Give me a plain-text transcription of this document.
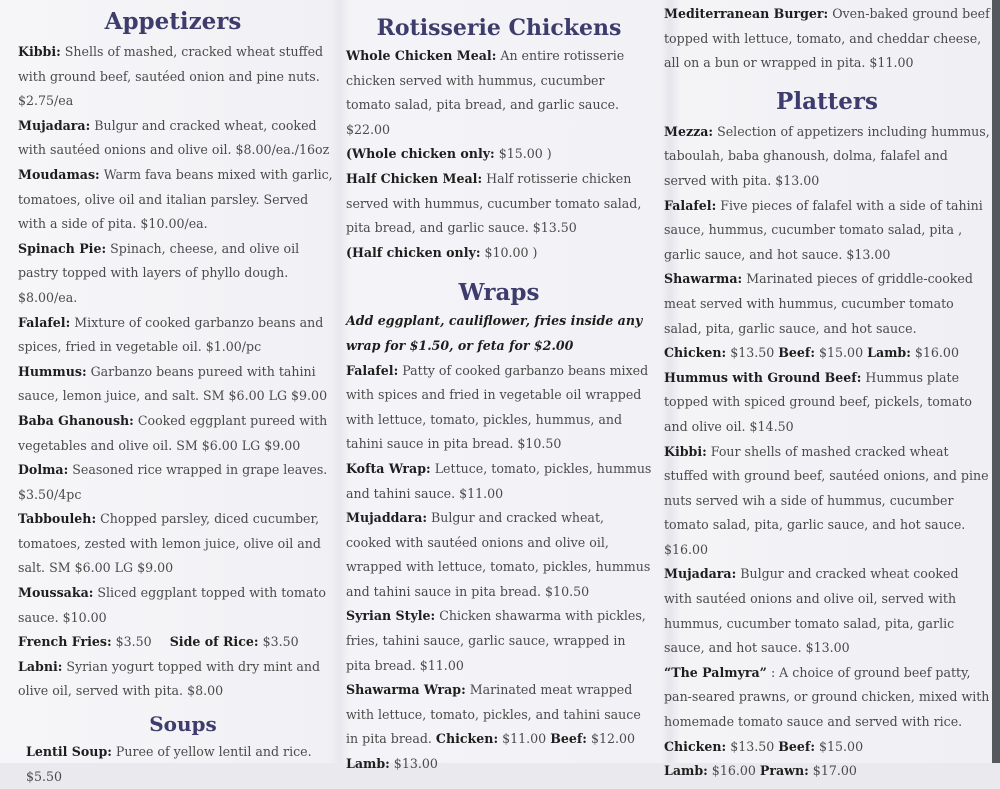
Appetizers
Kibbi: Shells of mashed, cracked wheat stuffed with ground beef, sautéed onion and pine nuts. $2.75/ea
Mujadara: Bulgur and cracked wheat, cooked with sautéed onions and olive oil. $8.00/ea./16oz
Moudamas: Warm fava beans mixed with garlic, tomatoes, olive oil and italian parsley. Served with a side of pita. $10.00/ea.
Spinach Pie: Spinach, cheese, and olive oil pastry topped with layers of phyllo dough. $8.00/ea.
Falafel: Mixture of cooked garbanzo beans and spices, fried in vegetable oil. $1.00/pc
Hummus: Garbanzo beans pureed with tahini sauce, lemon juice, and salt. SM $6.00 LG $9.00
Baba Ghanoush: Cooked eggplant pureed with vegetables and olive oil. SM $6.00 LG $9.00
Dolma: Seasoned rice wrapped in grape leaves. $3.50/4pc
Tabbouleh: Chopped parsley, diced cucumber, tomatoes, zested with lemon juice, olive oil and salt. SM $6.00 LG $9.00
Moussaka: Sliced eggplant topped with tomato sauce. $10.00
French Fries: $3.50 Side of Rice: $3.50
Labni: Syrian yogurt topped with dry mint and olive oil, served with pita. $8.00
Soups
Lentil Soup: Puree of yellow lentil and rice. $5.50
Rotisserie Chickens
Whole Chicken Meal: An entire rotisserie chicken served with hummus, cucumber tomato salad, pita bread, and garlic sauce. $22.00
(Whole chicken only: $15.00 )
Half Chicken Meal: Half rotisserie chicken served with hummus, cucumber tomato salad, pita bread, and garlic sauce. $13.50
(Half chicken only: $10.00 )
Wraps
Add eggplant, cauliflower, fries inside any wrap for $1.50, or feta for $2.00
Falafel: Patty of cooked garbanzo beans mixed with spices and fried in vegetable oil wrapped with lettuce, tomato, pickles, hummus, and tahini sauce in pita bread. $10.50
Kofta Wrap: Lettuce, tomato, pickles, hummus and tahini sauce. $11.00
Mujaddara: Bulgur and cracked wheat, cooked with sautéed onions and olive oil, wrapped with lettuce, tomato, pickles, hummus and tahini sauce in pita bread. $10.50
Syrian Style: Chicken shawarma with pickles, fries, tahini sauce, garlic sauce, wrapped in pita bread. $11.00
Shawarma Wrap: Marinated meat wrapped with lettuce, tomato, pickles, and tahini sauce in pita bread. Chicken: $11.00 Beef: $12.00
Lamb: $13.00
Mediterranean Burger: Oven-baked ground beef topped with lettuce, tomato, and cheddar cheese, all on a bun or wrapped in pita. $11.00
Platters
Mezza: Selection of appetizers including hummus, taboulah, baba ghanoush, dolma, falafel and served with pita. $13.00
Falafel: Five pieces of falafel with a side of tahini sauce, hummus, cucumber tomato salad, pita , garlic sauce, and hot sauce. $13.00
Shawarma: Marinated pieces of griddle-cooked meat served with hummus, cucumber tomato salad, pita, garlic sauce, and hot sauce.
Chicken: $13.50 Beef: $15.00 Lamb: $16.00
Hummus with Ground Beef: Hummus plate topped with spiced ground beef, pickels, tomato and olive oil. $14.50
Kibbi: Four shells of mashed cracked wheat stuffed with ground beef, sautéed onions, and pine nuts served wih a side of hummus, cucumber tomato salad, pita, garlic sauce, and hot sauce. $16.00
Mujadara: Bulgur and cracked wheat cooked with sautéed onions and olive oil, served with hummus, cucumber tomato salad, pita, garlic sauce, and hot sauce. $13.00
“The Palmyra” : A choice of ground beef patty, pan-seared prawns, or ground chicken, mixed with homemade tomato sauce and served with rice.
Chicken: $13.50 Beef: $15.00
Lamb: $16.00 Prawn: $17.00
